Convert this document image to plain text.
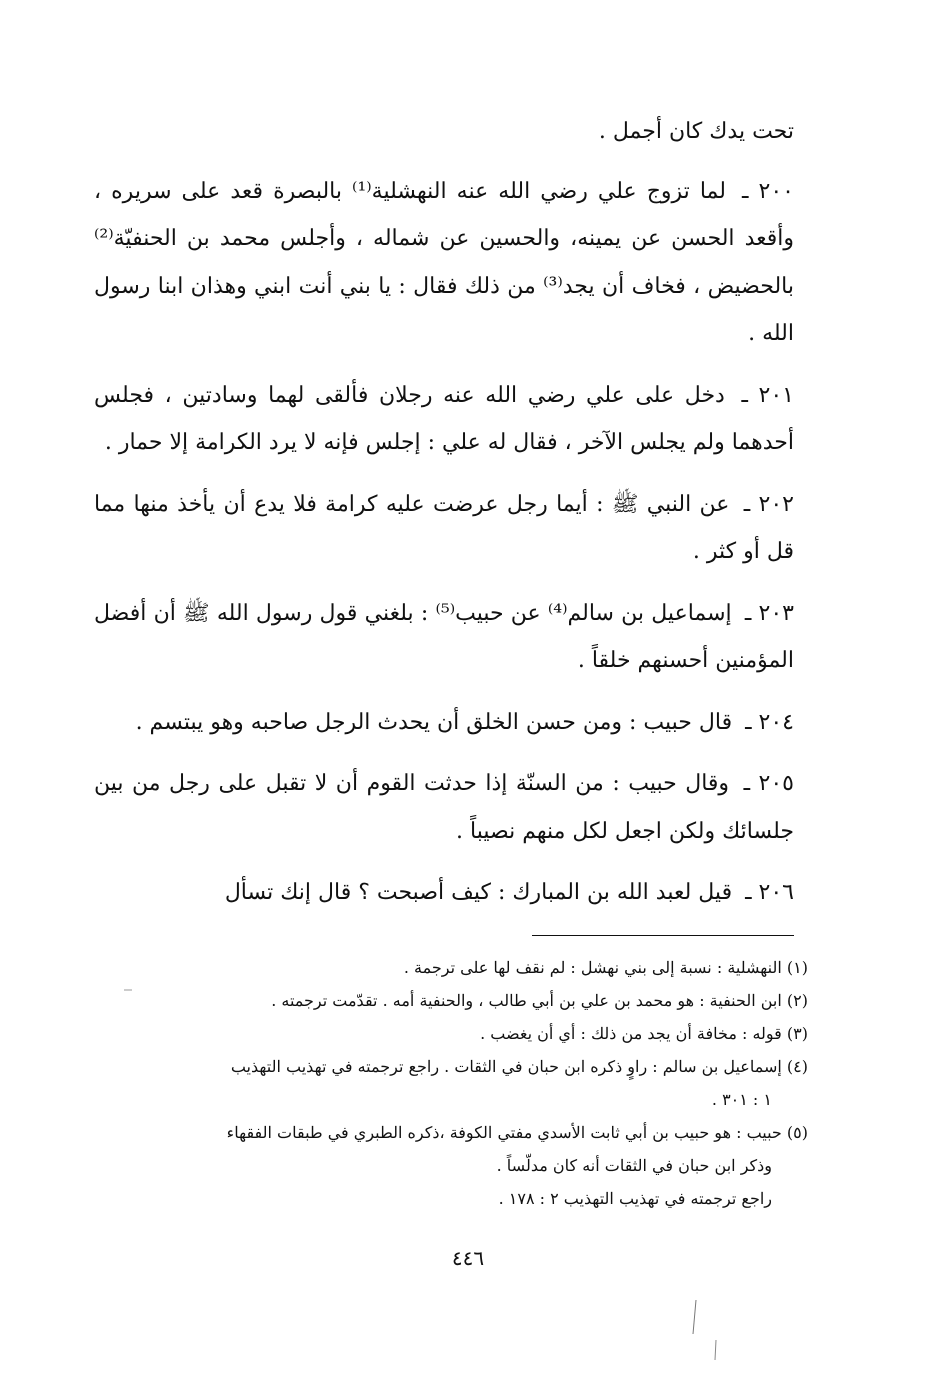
تحت يدك كان أجمل .

٢٠٠ ـ لما تزوج علي رضي الله عنه النهشلية⁽¹⁾ بالبصرة قعد على سريره ، وأقعد الحسن عن يمينه، والحسين عن شماله ، وأجلس محمد بن الحنفيّة⁽²⁾ بالحضيض ، فخاف أن يجد⁽³⁾ من ذلك فقال : يا بني أنت ابني وهذان ابنا رسول الله .

٢٠١ ـ دخل على علي رضي الله عنه رجلان فألقى لهما وسادتين ، فجلس أحدهما ولم يجلس الآخر ، فقال له علي : إجلس فإنه لا يرد الكرامة إلا حمار .

٢٠٢ ـ عن النبي ﷺ : أيما رجل عرضت عليه كرامة فلا يدع أن يأخذ منها مما قل أو كثر .

٢٠٣ ـ إسماعيل بن سالم⁽⁴⁾ عن حبيب⁽⁵⁾ : بلغني قول رسول الله ﷺ أن أفضل المؤمنين أحسنهم خلقاً .

٢٠٤ ـ قال حبيب : ومن حسن الخلق أن يحدث الرجل صاحبه وهو يبتسم .

٢٠٥ ـ وقال حبيب : من السنّة إذا حدثت القوم أن لا تقبل على رجل من بين جلسائك ولكن اجعل لكل منهم نصيباً .

٢٠٦ ـ قيل لعبد الله بن المبارك : كيف أصبحت ؟ قال إنك تسأل

(١) النهشلية : نسبة إلى بني نهشل : لم نقف لها على ترجمة .

(٢) ابن الحنفية : هو محمد بن علي بن أبي طالب ، والحنفية أمه . تقدّمت ترجمته .

(٣) قوله : مخافة أن يجد من ذلك : أي أن يغضب .

(٤) إسماعيل بن سالم : راوٍ ذكره ابن حبان في الثقات . راجع ترجمته في تهذيب التهذيب

١ : ٣٠١ .

(٥) حبيب : هو حبيب بن أبي ثابت الأسدي مفتي الكوفة ،ذكره الطبري في طبقات الفقهاء

وذكر ابن حبان في الثقات أنه كان مدلّساً .

راجع ترجمته في تهذيب التهذيب ٢ : ١٧٨ .

٤٤٦
